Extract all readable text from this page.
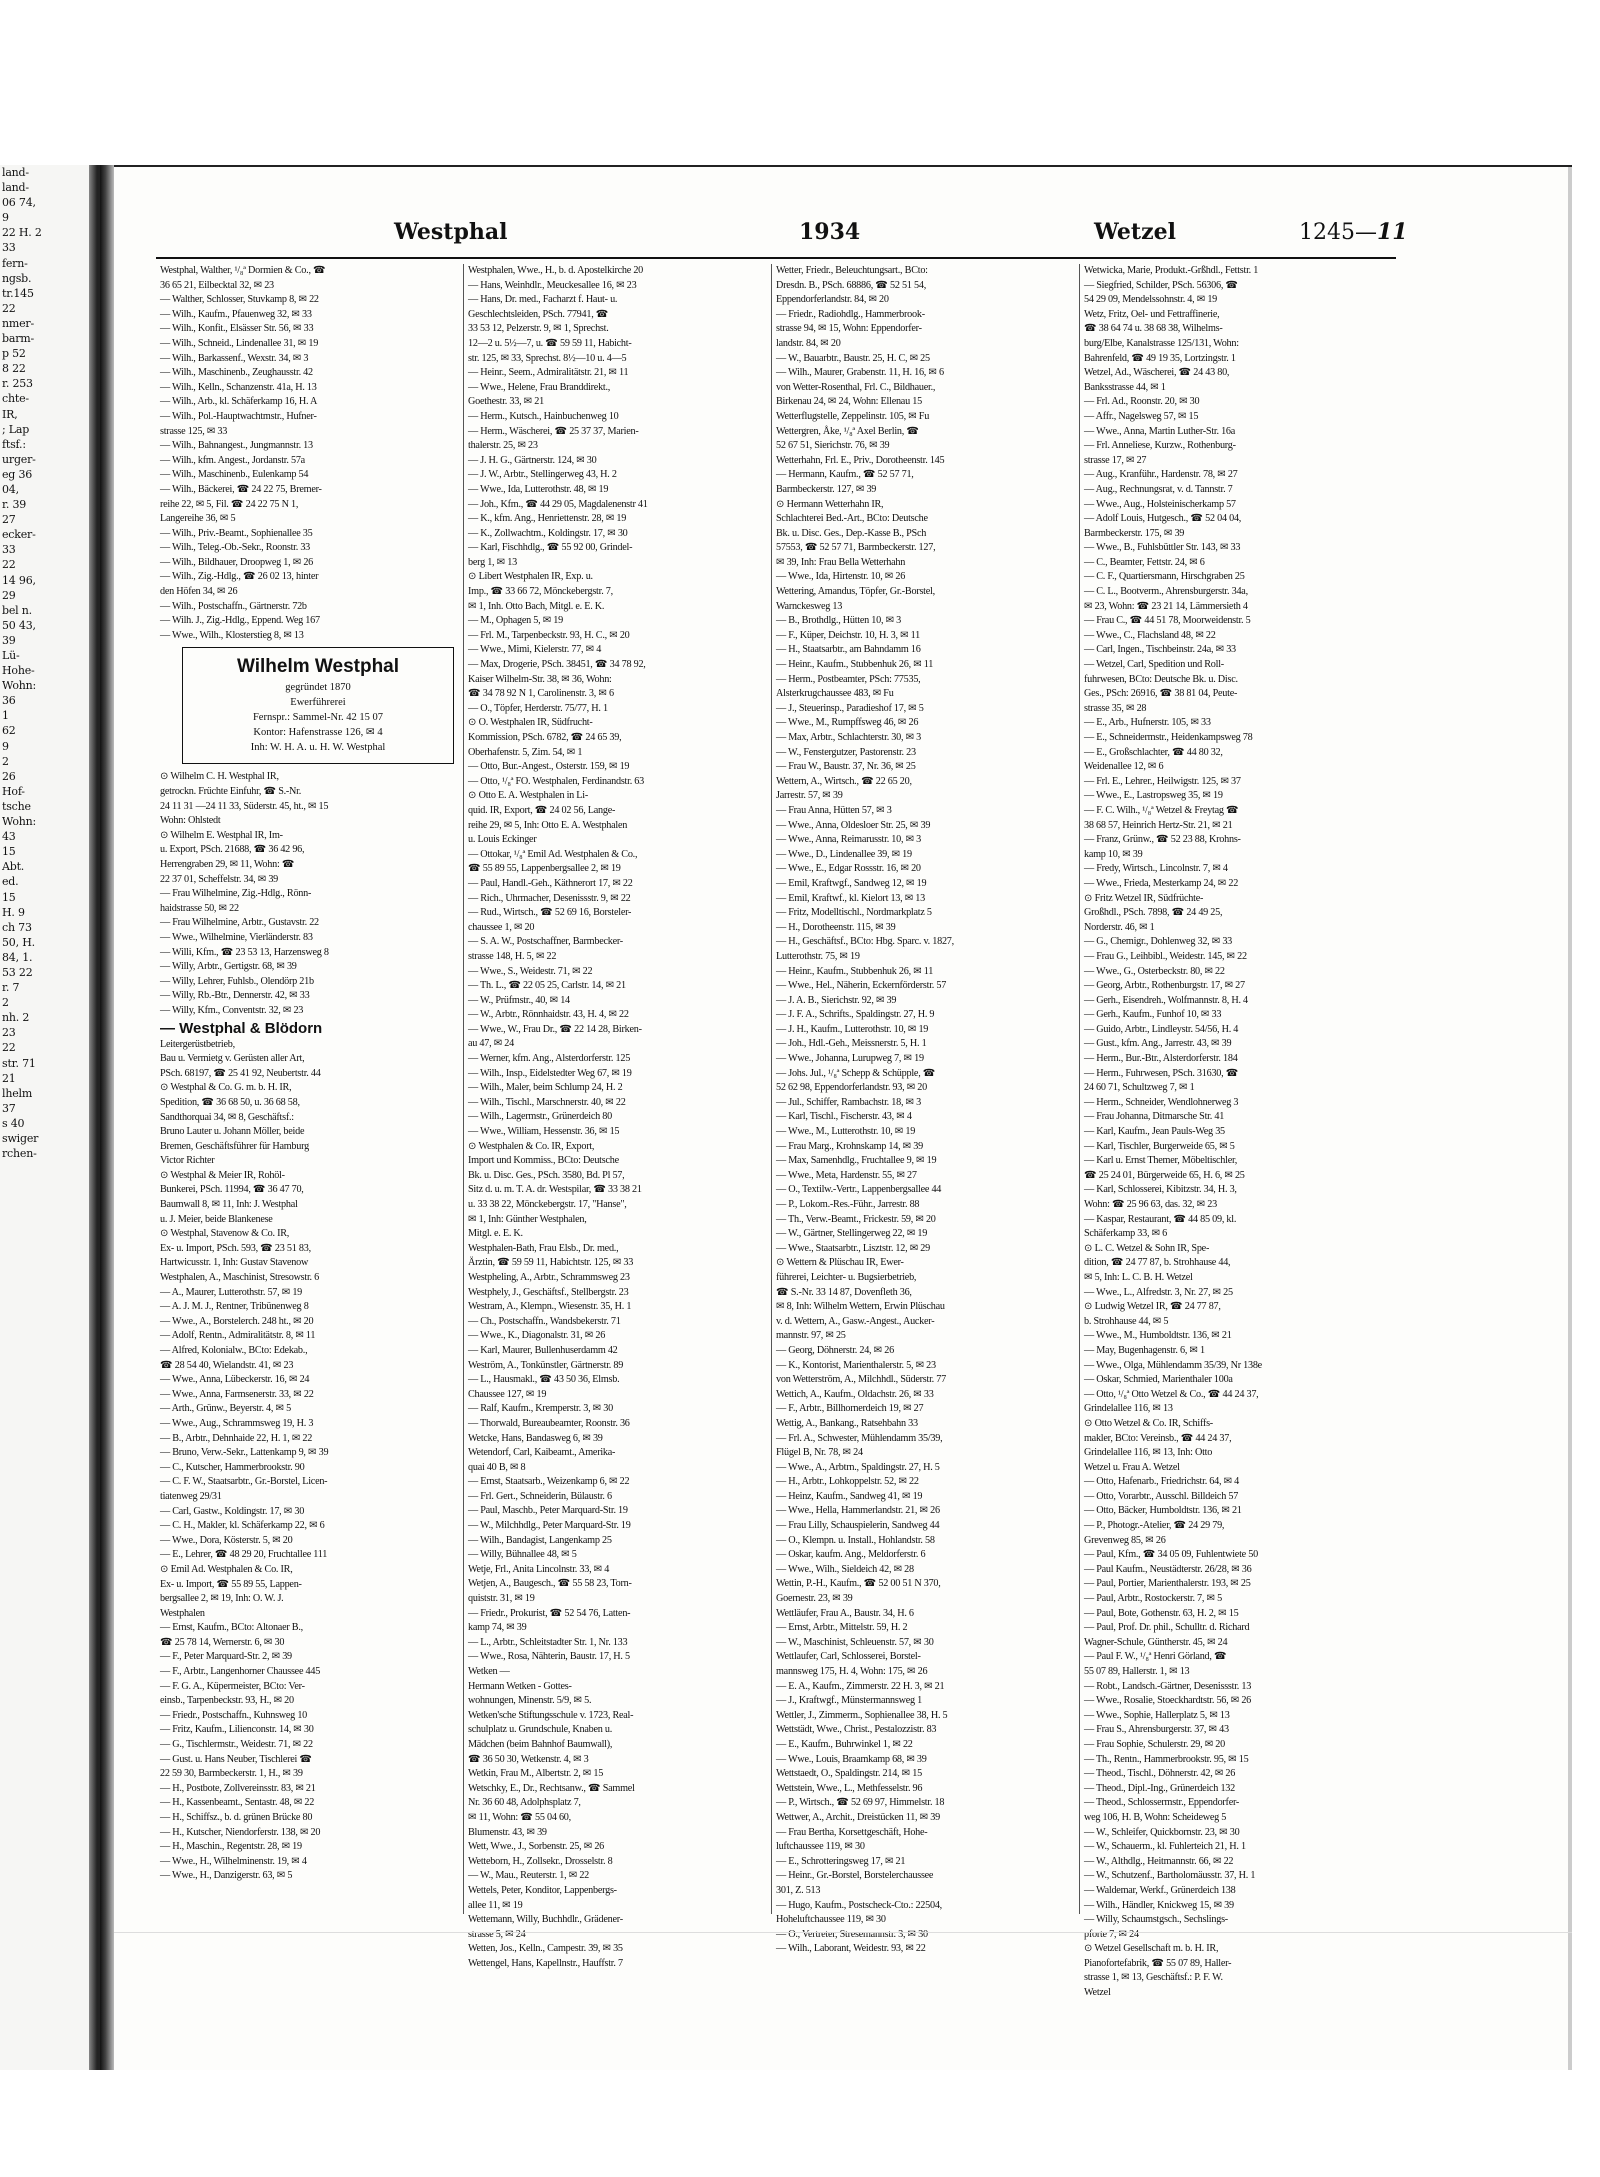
land-
land-
06 74,
9
22 H. 2
33
fern-
ngsb.
tr.145
22
nmer-
barm-
p 52
8 22
r. 253
chte-
IR,
; Lap
ftsf.:
urger-
eg 36
04,
r. 39
27
ecker-
33
22
14 96,
29
bel n.
50 43,
39
Lü-
Hohe-
Wohn:
36
1
62
9
2
26
Hof-
tsche
Wohn:
43
15
Abt.
ed.
15
H. 9
ch 73
50, H.
84, 1.
53 22
r. 7
2
nh. 2
23
22
str. 71
21
lhelm
37
s 40
swiger
rchen-
Westphal	1934	Wetzel	1245—11
Westphal, Walther, ¹/₈ª Dormien & Co., ☎
36 65 21, Eilbecktal 32, ✉ 23
— Walther, Schlosser, Stuvkamp 8, ✉ 22
— Wilh., Kaufm., Pfauenweg 32, ✉ 33
— Wilh., Konfit., Elsässer Str. 56, ✉ 33
— Wilh., Schneid., Lindenallee 31, ✉ 19
— Wilh., Barkassenf., Wexstr. 34, ✉ 3
— Wilh., Maschinenb., Zeughausstr. 42
— Wilh., Kelln., Schanzenstr. 41a, H. 13
— Wilh., Arb., kl. Schäferkamp 16, H. A
— Wilh., Pol.-Hauptwachtmstr., Hufner-
strasse 125, ✉ 33
— Wilh., Bahnangest., Jungmannstr. 13
— Wilh., kfm. Angest., Jordanstr. 57a
— Wilh., Maschinenb., Eulenkamp 54
— Wilh., Bäckerei, ☎ 24 22 75, Bremer-
reihe 22, ✉ 5, Fil. ☎ 24 22 75 N 1,
Langereihe 36, ✉ 5
— Wilh., Priv.-Beamt., Sophienallee 35
— Wilh., Teleg.-Ob.-Sekr., Roonstr. 33
— Wilh., Bildhauer, Droopweg 1, ✉ 26
— Wilh., Zig.-Hdlg., ☎ 26 02 13, hinter
den Höfen 34, ✉ 26
— Wilh., Postschaffn., Gärtnerstr. 72b
— Wilh. J., Zig.-Hdlg., Eppend. Weg 167
— Wwe., Wilh., Klosterstieg 8, ✉ 13
Wilhelm Westphal
gegründet 1870
Ewerführerei
Fernspr.: Sammel-Nr. 42 15 07
Kontor: Hafenstrasse 126, ✉ 4
Inh: W. H. A. u. H. W. Westphal
⊙ Wilhelm C. H. Westphal IR,
getrockn. Früchte Einfuhr, ☎ S.-Nr.
24 11 31 —24 11 33, Süderstr. 45, ht., ✉ 15
Wohn: Ohlstedt
⊙ Wilhelm E. Westphal IR, Im-
u. Export, PSch. 21688, ☎ 36 42 96,
Herrengraben 29, ✉ 11, Wohn: ☎
22 37 01, Scheffelstr. 34, ✉ 39
— Frau Wilhelmine, Zig.-Hdlg., Rönn-
haidstrasse 50, ✉ 22
— Frau Wilhelmine, Arbtr., Gustavstr. 22
— Wwe., Wilhelmine, Vierländerstr. 83
— Willi, Kfm., ☎ 23 53 13, Harzensweg 8
— Willy, Arbtr., Gertigstr. 68, ✉ 39
— Willy, Lehrer, Fuhlsb., Olendörp 21b
— Willy, Rb.-Btr., Dennerstr. 42, ✉ 33
— Willy, Kfm., Conventstr. 32, ✉ 23
— Westphal & Blödorn
Leitergerüstbetrieb,
Bau u. Vermietg v. Gerüsten aller Art,
PSch. 68197, ☎ 25 41 92, Neubertstr. 44
⊙ Westphal & Co. G. m. b. H. IR,
Spedition, ☎ 36 68 50, u. 36 68 58,
Sandthorquai 34, ✉ 8, Geschäftsf.:
Bruno Lauter u. Johann Möller, beide
Bremen, Geschäftsführer für Hamburg
Victor Richter
⊙ Westphal & Meier IR, Rohöl-
Bunkerei, PSch. 11994, ☎ 36 47 70,
Baumwall 8, ✉ 11, Inh: J. Westphal
u. J. Meier, beide Blankenese
⊙ Westphal, Stavenow & Co. IR,
Ex- u. Import, PSch. 593, ☎ 23 51 83,
Hartwicusstr. 1, Inh: Gustav Stavenow
Westphalen, A., Maschinist, Stresowstr. 6
— A., Maurer, Lutterothstr. 57, ✉ 19
— A. J. M. J., Rentner, Tribünenweg 8
— Wwe., A., Borstelerch. 248 ht., ✉ 20
— Adolf, Rentn., Admiralitätstr. 8, ✉ 11
— Alfred, Kolonialw., BCto: Edekab.,
☎ 28 54 40, Wielandstr. 41, ✉ 23
— Wwe., Anna, Lübeckerstr. 16, ✉ 24
— Wwe., Anna, Farmsenerstr. 33, ✉ 22
— Arth., Grünw., Beyerstr. 4, ✉ 5
— Wwe., Aug., Schrammsweg 19, H. 3
— B., Arbtr., Dehnhaide 22, H. 1, ✉ 22
— Bruno, Verw.-Sekr., Lattenkamp 9, ✉ 39
— C., Kutscher, Hammerbrookstr. 90
— C. F. W., Staatsarbtr., Gr.-Borstel, Licen-
tiatenweg 29/31
— Carl, Gastw., Koldingstr. 17, ✉ 30
— C. H., Makler, kl. Schäferkamp 22, ✉ 6
— Wwe., Dora, Kösterstr. 5, ✉ 20
— E., Lehrer, ☎ 48 29 20, Fruchtallee 111
⊙ Emil Ad. Westphalen & Co. IR,
Ex- u. Import, ☎ 55 89 55, Lappen-
bergsallee 2, ✉ 19, Inh: O. W. J.
Westphalen
— Ernst, Kaufm., BCto: Altonaer B.,
☎ 25 78 14, Wernerstr. 6, ✉ 30
— F., Peter Marquard-Str. 2, ✉ 39
— F., Arbtr., Langenhorner Chaussee 445
— F. G. A., Küpermeister, BCto: Ver-
einsb., Tarpenbeckstr. 93, H., ✉ 20
— Friedr., Postschaffn., Kuhnsweg 10
— Fritz, Kaufm., Lilienconstr. 14, ✉ 30
— G., Tischlermstr., Weidestr. 71, ✉ 22
— Gust. u. Hans Neuber, Tischlerei ☎
22 59 30, Barmbeckerstr. 1, H., ✉ 39
— H., Postbote, Zollvereinsstr. 83, ✉ 21
— H., Kassenbeamt., Sentastr. 48, ✉ 22
— H., Schiffsz., b. d. grünen Brücke 80
— H., Kutscher, Niendorferstr. 138, ✉ 20
— H., Maschin., Regentstr. 28, ✉ 19
— Wwe., H., Wilhelminenstr. 19, ✉ 4
— Wwe., H., Danzigerstr. 63, ✉ 5
Westphalen, Wwe., H., b. d. Apostelkirche 20
— Hans, Weinhdlr., Meuckesallee 16, ✉ 23
— Hans, Dr. med., Facharzt f. Haut- u.
Geschlechtsleiden, PSch. 77941, ☎
33 53 12, Pelzerstr. 9, ✉ 1, Sprechst.
12—2 u. 5½—7, u. ☎ 59 59 11, Habicht-
str. 125, ✉ 33, Sprechst. 8½—10 u. 4—5
— Heinr., Seem., Admiralitätstr. 21, ✉ 11
— Wwe., Helene, Frau Branddirekt.,
Goethestr. 33, ✉ 21
— Herm., Kutsch., Hainbuchenweg 10
— Herm., Wäscherei, ☎ 25 37 37, Marien-
thalerstr. 25, ✉ 23
— J. H. G., Gärtnerstr. 124, ✉ 30
— J. W., Arbtr., Stellingerweg 43, H. 2
— Wwe., Ida, Lutterothstr. 48, ✉ 19
— Joh., Kfm., ☎ 44 29 05, Magdalenenstr 41
— K., kfm. Ang., Henriettenstr. 28, ✉ 19
— K., Zollwachtm., Koldingstr. 17, ✉ 30
— Karl, Fischhdlg., ☎ 55 92 00, Grindel-
berg 1, ✉ 13
⊙ Libert Westphalen IR, Exp. u.
Imp., ☎ 33 66 72, Mönckebergstr. 7,
✉ 1, Inh. Otto Bach, Mitgl. e. E. K.
— M., Ophagen 5, ✉ 19
— Frl. M., Tarpenbeckstr. 93, H. C., ✉ 20
— Wwe., Mimi, Kielerstr. 77, ✉ 4
— Max, Drogerie, PSch. 38451, ☎ 34 78 92,
Kaiser Wilhelm-Str. 38, ✉ 36, Wohn:
☎ 34 78 92 N 1, Carolinenstr. 3, ✉ 6
— O., Töpfer, Herderstr. 75/77, H. 1
⊙ O. Westphalen IR, Südfrucht-
Kommission, PSch. 6782, ☎ 24 65 39,
Oberhafenstr. 5, Zim. 54, ✉ 1
— Otto, Bur.-Angest., Osterstr. 159, ✉ 19
— Otto, ¹/₈ª FO. Westphalen, Ferdinandstr. 63
⊙ Otto E. A. Westphalen in Li-
quid. IR, Export, ☎ 24 02 56, Lange-
reihe 29, ✉ 5, Inh: Otto E. A. Westphalen
u. Louis Eckinger
— Ottokar, ¹/₈ª Emil Ad. Westphalen & Co.,
☎ 55 89 55, Lappenbergsallee 2, ✉ 19
— Paul, Handl.-Geh., Käthnerort 17, ✉ 22
— Rich., Uhrmacher, Desenissstr. 9, ✉ 22
— Rud., Wirtsch., ☎ 52 69 16, Borsteler-
chaussee 1, ✉ 20
— S. A. W., Postschaffner, Barmbecker-
strasse 148, H. 5, ✉ 22
— Wwe., S., Weidestr. 71, ✉ 22
— Th. L., ☎ 22 05 25, Carlstr. 14, ✉ 21
— W., Prüfmstr., 40, ✉ 14
— W., Arbtr., Rönnhaidstr. 43, H. 4, ✉ 22
— Wwe., W., Frau Dr., ☎ 22 14 28, Birken-
au 47, ✉ 24
— Werner, kfm. Ang., Alsterdorferstr. 125
— Wilh., Insp., Eidelstedter Weg 67, ✉ 19
— Wilh., Maler, beim Schlump 24, H. 2
— Wilh., Tischl., Marschnerstr. 40, ✉ 22
— Wilh., Lagermstr., Grünerdeich 80
— Wwe., William, Hessenstr. 36, ✉ 15
⊙ Westphalen & Co. IR, Export,
Import und Kommiss., BCto: Deutsche
Bk. u. Disc. Ges., PSch. 3580, Bd. Pl 57,
Sitz d. u. m. T. A. dr. Westspilar, ☎ 33 38 21
u. 33 38 22, Mönckebergstr. 17, "Hanse",
✉ 1, Inh: Günther Westphalen,
Mitgl. e. E. K.
Westphalen-Bath, Frau Elsb., Dr. med.,
Ärztin, ☎ 59 59 11, Habichtstr. 125, ✉ 33
Westpheling, A., Arbtr., Schrammsweg 23
Westphely, J., Geschäftsf., Stellbergstr. 23
Westram, A., Klempn., Wiesenstr. 35, H. 1
— Ch., Postschaffn., Wandsbekerstr. 71
— Wwe., K., Diagonalstr. 31, ✉ 26
— Karl, Maurer, Bullenhuserdamm 42
Weström, A., Tonkünstler, Gärtnerstr. 89
— L., Hausmakl., ☎ 43 50 36, Elmsb.
Chaussee 127, ✉ 19
— Ralf, Kaufm., Kremperstr. 3, ✉ 30
— Thorwald, Bureaubeamter, Roonstr. 36
Wetcke, Hans, Bandasweg 6, ✉ 39
Wetendorf, Carl, Kaibeamt., Amerika-
quai 40 B, ✉ 8
— Ernst, Staatsarb., Weizenkamp 6, ✉ 22
— Frl. Gert., Schneiderin, Bülaustr. 6
— Paul, Maschb., Peter Marquard-Str. 19
— W., Milchhdlg., Peter Marquard-Str. 19
— Wilh., Bandagist, Langenkamp 25
— Willy, Bühnallee 48, ✉ 5
Wetje, Frl., Anita Lincolnstr. 33, ✉ 4
Wetjen, A., Baugesch., ☎ 55 58 23, Torn-
quiststr. 31, ✉ 19
— Friedr., Prokurist, ☎ 52 54 76, Latten-
kamp 74, ✉ 39
— L., Arbtr., Schleitstadter Str. 1, Nr. 133
— Wwe., Rosa, Nähterin, Baustr. 17, H. 5
Wetken —
Hermann Wetken - Gottes-
wohnungen, Minenstr. 5/9, ✉ 5.
Wetken'sche Stiftungsschule v. 1723, Real-
schulplatz u. Grundschule, Knaben u.
Mädchen (beim Bahnhof Baumwall),
☎ 36 50 30, Wetkenstr. 4, ✉ 3
Wetkin, Frau M., Albertstr. 2, ✉ 15
Wetschky, E., Dr., Rechtsanw., ☎ Sammel
Nr. 36 60 48, Adolphsplatz 7,
✉ 11, Wohn: ☎ 55 04 60,
Blumenstr. 43, ✉ 39
Wett, Wwe., J., Sorbenstr. 25, ✉ 26
Wetteborn, H., Zollsekr., Drosselstr. 8
— W., Mau., Reuterstr. 1, ✉ 22
Wettels, Peter, Konditor, Lappenbergs-
allee 11, ✉ 19
Wettemann, Willy, Buchhdlr., Grädener-
strasse 5, ✉ 24
Wetten, Jos., Kelln., Campestr. 39, ✉ 35
Wettengel, Hans, Kapellnstr., Hauffstr. 7
Wetter, Friedr., Beleuchtungsart., BCto:
Dresdn. B., PSch. 68886, ☎ 52 51 54,
Eppendorferlandstr. 84, ✉ 20
— Friedr., Radiohdlg., Hammerbrook-
strasse 94, ✉ 15, Wohn: Eppendorfer-
landstr. 84, ✉ 20
— W., Bauarbtr., Baustr. 25, H. C, ✉ 25
— Wilh., Maurer, Grabenstr. 11, H. 16, ✉ 6
von Wetter-Rosenthal, Frl. C., Bildhauer.,
Birkenau 24, ✉ 24, Wohn: Ellenau 15
Wetterflugstelle, Zeppelinstr. 105, ✉ Fu
Wettergren, Åke, ¹/₈ª Axel Berlin, ☎
52 67 51, Sierichstr. 76, ✉ 39
Wetterhahn, Frl. E., Priv., Dorotheenstr. 145
— Hermann, Kaufm., ☎ 52 57 71,
Barmbeckerstr. 127, ✉ 39
⊙ Hermann Wetterhahn IR,
Schlachterei Bed.-Art., BCto: Deutsche
Bk. u. Disc. Ges., Dep.-Kasse B., PSch
57553, ☎ 52 57 71, Barmbeckerstr. 127,
✉ 39, Inh: Frau Bella Wetterhahn
— Wwe., Ida, Hirtenstr. 10, ✉ 26
Wettering, Amandus, Töpfer, Gr.-Borstel,
Warnckesweg 13
— B., Brothdlg., Hütten 10, ✉ 3
— F., Küper, Deichstr. 10, H. 3, ✉ 11
— H., Staatsarbtr., am Bahndamm 16
— Heinr., Kaufm., Stubbenhuk 26, ✉ 11
— Herm., Postbeamter, PSch: 77535,
Alsterkrugchaussee 483, ✉ Fu
— J., Steuerinsp., Paradieshof 17, ✉ 5
— Wwe., M., Rumpffsweg 46, ✉ 26
— Max, Arbtr., Schlachterstr. 30, ✉ 3
— W., Fenstergutzer, Pastorenstr. 23
— Frau W., Baustr. 37, Nr. 36, ✉ 25
Wettern, A., Wirtsch., ☎ 22 65 20,
Jarrestr. 57, ✉ 39
— Frau Anna, Hütten 57, ✉ 3
— Wwe., Anna, Oldesloer Str. 25, ✉ 39
— Wwe., Anna, Reimarusstr. 10, ✉ 3
— Wwe., D., Lindenallee 39, ✉ 19
— Wwe., E., Edgar Rossstr. 16, ✉ 20
— Emil, Kraftwgf., Sandweg 12, ✉ 19
— Emil, Kraftwf., kl. Kielort 13, ✉ 13
— Fritz, Modelltischl., Nordmarkplatz 5
— H., Dorotheenstr. 115, ✉ 39
— H., Geschäftsf., BCto: Hbg. Sparc. v. 1827,
Lutterothstr. 75, ✉ 19
— Heinr., Kaufm., Stubbenhuk 26, ✉ 11
— Wwe., Hel., Näherin, Eckernförderstr. 57
— J. A. B., Sierichstr. 92, ✉ 39
— J. F. A., Schrifts., Spaldingstr. 27, H. 9
— J. H., Kaufm., Lutterothstr. 10, ✉ 19
— Joh., Hdl.-Geh., Meissnerstr. 5, H. 1
— Wwe., Johanna, Lurupweg 7, ✉ 19
— Johs. Jul., ¹/₈ª Schepp & Schüpple, ☎
52 62 98, Eppendorferlandstr. 93, ✉ 20
— Jul., Schiffer, Rambachstr. 18, ✉ 3
— Karl, Tischl., Fischerstr. 43, ✉ 4
— Wwe., M., Lutterothstr. 10, ✉ 19
— Frau Marg., Krohnskamp 14, ✉ 39
— Max, Samenhdlg., Fruchtallee 9, ✉ 19
— Wwe., Meta, Hardenstr. 55, ✉ 27
— O., Textilw.-Vertr., Lappenbergsallee 44
— P., Lokom.-Res.-Führ., Jarrestr. 88
— Th., Verw.-Beamt., Frickestr. 59, ✉ 20
— W., Gärtner, Stellingerweg 22, ✉ 19
— Wwe., Staatsarbtr., Lisztstr. 12, ✉ 29
⊙ Wettern & Plüschau IR, Ewer-
führerei, Leichter- u. Bugsierbetrieb,
☎ S.-Nr. 33 14 87, Dovenfleth 36,
✉ 8, Inh: Wilhelm Wettern, Erwin Plüschau
v. d. Wettern, A., Gasw.-Angest., Aucker-
mannstr. 97, ✉ 25
— Georg, Döhnerstr. 24, ✉ 26
— K., Kontorist, Marienthalerstr. 5, ✉ 23
von Wetterström, A., Milchhdl., Süderstr. 77
Wettich, A., Kaufm., Oldachstr. 26, ✉ 33
— F., Arbtr., Billhornerdeich 19, ✉ 27
Wettig, A., Bankang., Ratsehbahn 33
— Frl. A., Schwester, Mühlendamm 35/39,
Flügel B, Nr. 78, ✉ 24
— Wwe., A., Arbtrn., Spaldingstr. 27, H. 5
— H., Arbtr., Lohkoppelstr. 52, ✉ 22
— Heinz, Kaufm., Sandweg 41, ✉ 19
— Wwe., Hella, Hammerlandstr. 21, ✉ 26
— Frau Lilly, Schauspielerin, Sandweg 44
— O., Klempn. u. Install., Hohlandstr. 58
— Oskar, kaufm. Ang., Meldorferstr. 6
— Wwe., Wilh., Sieldeich 42, ✉ 28
Wettin, P.-H., Kaufm., ☎ 52 00 51 N 370,
Goernestr. 23, ✉ 39
Wettläufer, Frau A., Baustr. 34, H. 6
— Ernst, Arbtr., Mittelstr. 59, H. 2
— W., Maschinist, Schleuenstr. 57, ✉ 30
Wettlaufer, Carl, Schlosserei, Borstel-
mannsweg 175, H. 4, Wohn: 175, ✉ 26
— E. A., Kaufm., Zimmerstr. 22 H. 3, ✉ 21
— J., Kraftwgf., Münstermannsweg 1
Wettler, J., Zimmerm., Sophienallee 38, H. 5
Wettstädt, Wwe., Christ., Pestalozzistr. 83
— E., Kaufm., Buhrwinkel 1, ✉ 22
— Wwe., Louis, Braamkamp 68, ✉ 39
Wettstaedt, O., Spaldingstr. 214, ✉ 15
Wettstein, Wwe., L., Methfesselstr. 96
— P., Wirtsch., ☎ 52 69 97, Himmelstr. 18
Wettwer, A., Archit., Dreistücken 11, ✉ 39
— Frau Bertha, Korsettgeschäft, Hohe-
luftchaussee 119, ✉ 30
— E., Schrotteringsweg 17, ✉ 21
— Heinr., Gr.-Borstel, Borstelerchaussee
301, Z. 513
— Hugo, Kaufm., Postscheck-Cto.: 22504,
Hoheluftchaussee 119, ✉ 30
— O., Vertreter, Stresemannstr. 3, ✉ 30
— Wilh., Laborant, Weidestr. 93, ✉ 22
Wetwicka, Marie, Produkt.-Grßhdl., Fettstr. 1
— Siegfried, Schilder, PSch. 56306, ☎
54 29 09, Mendelssohnstr. 4, ✉ 19
Wetz, Fritz, Oel- und Fettraffinerie,
☎ 38 64 74 u. 38 68 38, Wilhelms-
burg/Elbe, Kanalstrasse 125/131, Wohn:
Bahrenfeld, ☎ 49 19 35, Lortzingstr. 1
Wetzel, Ad., Wäscherei, ☎ 24 43 80,
Banksstrasse 44, ✉ 1
— Frl. Ad., Roonstr. 20, ✉ 30
— Affr., Nagelsweg 57, ✉ 15
— Wwe., Anna, Martin Luther-Str. 16a
— Frl. Anneliese, Kurzw., Rothenburg-
strasse 17, ✉ 27
— Aug., Kranführ., Hardenstr. 78, ✉ 27
— Aug., Rechnungsrat, v. d. Tannstr. 7
— Wwe., Aug., Holsteinischerkamp 57
— Adolf Louis, Hutgesch., ☎ 52 04 04,
Barmbeckerstr. 175, ✉ 39
— Wwe., B., Fuhlsbüttler Str. 143, ✉ 33
— C., Beamter, Fettstr. 24, ✉ 6
— C. F., Quartiersmann, Hirschgraben 25
— C. L., Bootverm., Ahrensburgerstr. 34a,
✉ 23, Wohn: ☎ 23 21 14, Lämmersieth 4
— Frau C., ☎ 44 51 78, Moorweidenstr. 5
— Wwe., C., Flachsland 48, ✉ 22
— Carl, Ingen., Tischbeinstr. 24a, ✉ 33
— Wetzel, Carl, Spedition und Roll-
fuhrwesen, BCto: Deutsche Bk. u. Disc.
Ges., PSch: 26916, ☎ 38 81 04, Peute-
strasse 35, ✉ 28
— E., Arb., Hufnerstr. 105, ✉ 33
— E., Schneidermstr., Heidenkampsweg 78
— E., Großschlachter, ☎ 44 80 32,
Weidenallee 12, ✉ 6
— Frl. E., Lehrer., Heilwigstr. 125, ✉ 37
— Wwe., E., Lastropsweg 35, ✉ 19
— F. C. Wilh., ¹/₈ª Wetzel & Freytag ☎
38 68 57, Heinrich Hertz-Str. 21, ✉ 21
— Franz, Grünw., ☎ 52 23 88, Krohns-
kamp 10, ✉ 39
— Fredy, Wirtsch., Lincolnstr. 7, ✉ 4
— Wwe., Frieda, Mesterkamp 24, ✉ 22
⊙ Fritz Wetzel IR, Südfrüchte-
Großhdl., PSch. 7898, ☎ 24 49 25,
Norderstr. 46, ✉ 1
— G., Chemigr., Dohlenweg 32, ✉ 33
— Frau G., Leihbibl., Weidestr. 145, ✉ 22
— Wwe., G., Osterbeckstr. 80, ✉ 22
— Georg, Arbtr., Rothenburgstr. 17, ✉ 27
— Gerh., Eisendreh., Wolfmannstr. 8, H. 4
— Gerh., Kaufm., Funhof 10, ✉ 33
— Guido, Arbtr., Lindleystr. 54/56, H. 4
— Gust., kfm. Ang., Jarrestr. 43, ✉ 39
— Herm., Bur.-Btr., Alsterdorferstr. 184
— Herm., Fuhrwesen, PSch. 31630, ☎
24 60 71, Schultzweg 7, ✉ 1
— Herm., Schneider, Wendlohnerweg 3
— Frau Johanna, Ditmarsche Str. 41
— Karl, Kaufm., Jean Pauls-Weg 35
— Karl, Tischler, Burgerweide 65, ✉ 5
— Karl u. Ernst Themer, Möbeltischler,
☎ 25 24 01, Bürgerweide 65, H. 6, ✉ 25
— Karl, Schlosserei, Kibitzstr. 34, H. 3,
Wohn: ☎ 25 96 63, das. 32, ✉ 23
— Kaspar, Restaurant, ☎ 44 85 09, kl.
Schäferkamp 33, ✉ 6
⊙ L. C. Wetzel & Sohn IR, Spe-
dition, ☎ 24 77 87, b. Strohhause 44,
✉ 5, Inh: L. C. B. H. Wetzel
— Wwe., L., Alfredstr. 3, Nr. 27, ✉ 25
⊙ Ludwig Wetzel IR, ☎ 24 77 87,
b. Strohhause 44, ✉ 5
— Wwe., M., Humboldtstr. 136, ✉ 21
— May, Bugenhagenstr. 6, ✉ 1
— Wwe., Olga, Mühlendamm 35/39, Nr 138e
— Oskar, Schmied, Marienthaler 100a
— Otto, ¹/₈ª Otto Wetzel & Co., ☎ 44 24 37,
Grindelallee 116, ✉ 13
⊙ Otto Wetzel & Co. IR, Schiffs-
makler, BCto: Vereinsb., ☎ 44 24 37,
Grindelallee 116, ✉ 13, Inh: Otto
Wetzel u. Frau A. Wetzel
— Otto, Hafenarb., Friedrichstr. 64, ✉ 4
— Otto, Vorarbtr., Ausschl. Billdeich 57
— Otto, Bäcker, Humboldtstr. 136, ✉ 21
— P., Photogr.-Atelier, ☎ 24 29 79,
Grevenweg 85, ✉ 26
— Paul, Kfm., ☎ 34 05 09, Fuhlentwiete 50
— Paul Kaufm., Neustädterstr. 26/28, ✉ 36
— Paul, Portier, Marienthalerstr. 193, ✉ 25
— Paul, Arbtr., Rostockerstr. 7, ✉ 5
— Paul, Bote, Gothenstr. 63, H. 2, ✉ 15
— Paul, Prof. Dr. phil., Schulltr. d. Richard
Wagner-Schule, Güntherstr. 45, ✉ 24
— Paul F. W., ¹/₈ª Henri Görland, ☎
55 07 89, Hallerstr. 1, ✉ 13
— Robt., Landsch.-Gärtner, Desenissstr. 13
— Wwe., Rosalie, Stoeckhardtstr. 56, ✉ 26
— Wwe., Sophie, Hallerplatz 5, ✉ 13
— Frau S., Ahrensburgerstr. 37, ✉ 43
— Frau Sophie, Schulerstr. 29, ✉ 20
— Th., Rentn., Hammerbrookstr. 95, ✉ 15
— Theod., Tischl., Döhnerstr. 42, ✉ 26
— Theod., Dipl.-Ing., Grünerdeich 132
— Theod., Schlossermstr., Eppendorfer-
weg 106, H. B, Wohn: Scheideweg 5
— W., Schleifer, Quickbornstr. 23, ✉ 30
— W., Schauerm., kl. Fuhlerteich 21, H. 1
— W., Althdlg., Heitmannstr. 66, ✉ 22
— W., Schutzenf., Bartholomäusstr. 37, H. 1
— Waldemar, Werkf., Grünerdeich 138
— Wilh., Händler, Knickweg 15, ✉ 39
— Willy, Schaumstgsch., Sechslings-
pforte 7, ✉ 24
⊙ Wetzel Gesellschaft m. b. H. IR,
Pianofortefabrik, ☎ 55 07 89, Haller-
strasse 1, ✉ 13, Geschäftsf.: P. F. W.
Wetzel
